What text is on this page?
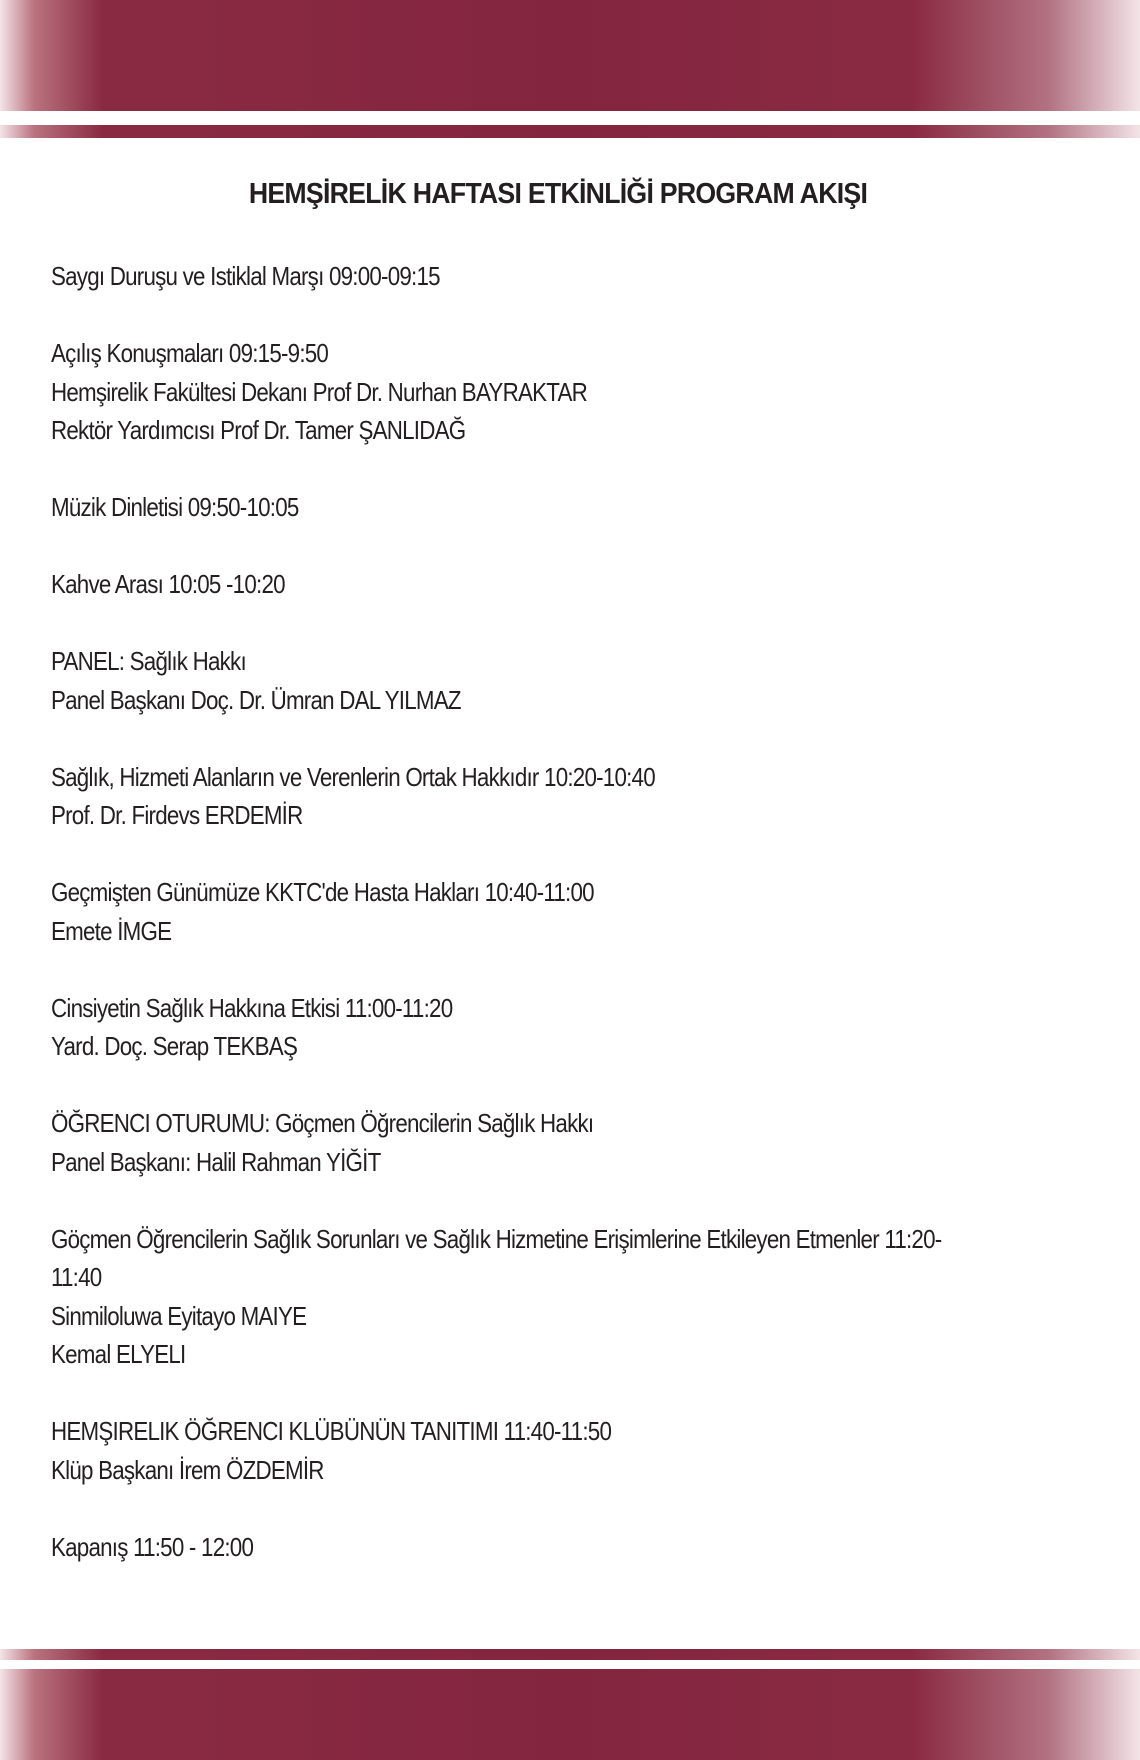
HEMŞİRELİK HAFTASI ETKİNLİĞİ PROGRAM AKIŞI
Saygı Duruşu ve Istiklal Marşı 09:00-09:15
Açılış Konuşmaları 09:15-9:50
Hemşirelik Fakültesi Dekanı Prof Dr. Nurhan BAYRAKTAR
Rektör Yardımcısı Prof Dr. Tamer ŞANLIDAĞ
Müzik Dinletisi 09:50-10:05
Kahve Arası 10:05 -10:20
PANEL: Sağlık Hakkı
Panel Başkanı Doç. Dr. Ümran DAL YILMAZ
Sağlık, Hizmeti Alanların ve Verenlerin Ortak Hakkıdır 10:20-10:40
Prof. Dr. Firdevs ERDEMİR
Geçmişten Günümüze KKTC'de Hasta Hakları 10:40-11:00
Emete İMGE
Cinsiyetin Sağlık Hakkına Etkisi 11:00-11:20
Yard. Doç. Serap TEKBAŞ
ÖĞRENCI OTURUMU: Göçmen Öğrencilerin Sağlık Hakkı
Panel Başkanı: Halil Rahman YİĞİT
Göçmen Öğrencilerin Sağlık Sorunları ve Sağlık Hizmetine Erişimlerine Etkileyen Etmenler 11:20-
11:40
Sinmiloluwa Eyitayo MAIYE
Kemal ELYELI
HEMŞIRELIK ÖĞRENCI KLÜBÜNÜN TANITIMI 11:40-11:50
Klüp Başkanı İrem ÖZDEMİR
Kapanış 11:50 - 12:00
